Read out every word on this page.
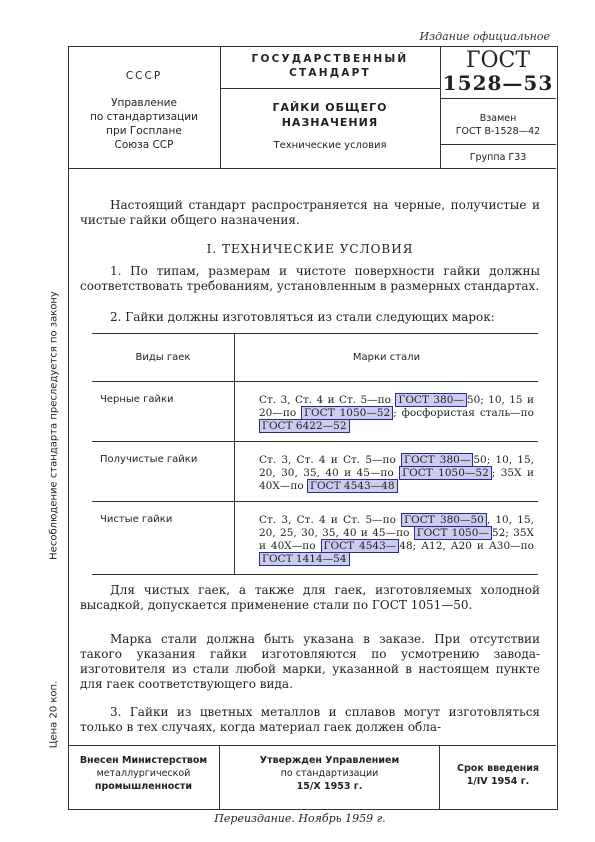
Издание официальное
Несоблюдение стандарта преследуется по закону
Цена 20 коп.
СССР
Управление
по стандартизации
при Госплане
Союза ССР
ГОСУДАРСТВЕННЫЙ
СТАНДАРТ
ГАЙКИ ОБЩЕГО
НАЗНАЧЕНИЯ
Технические условия
ГОСТ
1528—53
Взамен
ГОСТ В-1528—42
Группа Г33
Настоящий стандарт распространяется на черные, получистые и чистые гайки общего назначения.
I. ТЕХНИЧЕСКИЕ УСЛОВИЯ
1. По типам, размерам и чистоте поверхности гайки должны соответствовать требованиям, установленным в размерных стандартах.
2. Гайки должны изготовляться из стали следующих марок:
Виды гаек	Марки стали
Черные гайки	Ст. 3, Ст. 4 и Ст. 5—по ГОСТ 380— 50; 10, 15 и 20—по ГОСТ 1050—52 ; фосфористая сталь—по ГОСТ 6422—52
Получистые гайки	Ст. 3, Ст. 4 и Ст. 5—по ГОСТ 380— 50; 10, 15, 20, 30, 35, 40 и 45—по ГОСТ 1050—52 ; 35Х и 40Х—по ГОСТ 4543—48
Чистые гайки	Ст. 3, Ст. 4 и Ст. 5—по ГОСТ 380—50 , 10, 15, 20, 25, 30, 35, 40 и 45—по ГОСТ 1050— 52; 35Х и 40Х—по ГОСТ 4543— 48; А12, А20 и А30—по ГОСТ 1414—54
Для чистых гаек, а также для гаек, изготовляемых холодной высадкой, допускается применение стали по ГОСТ 1051—50.
Марка стали должна быть указана в заказе. При отсутствии такого указания гайки изготовляются по усмотрению завода-изготовителя из стали любой марки, указанной в настоящем пункте для гаек соответствующего вида.
3. Гайки из цветных металлов и сплавов могут изготовляться только в тех случаях, когда материал гаек должен обла-
Внесен Министерством
металлургической
промышленности
Утвержден Управлением
по стандартизации
15/X 1953 г.
Срок введения
1/IV 1954 г.
Переиздание. Ноябрь 1959 г.
